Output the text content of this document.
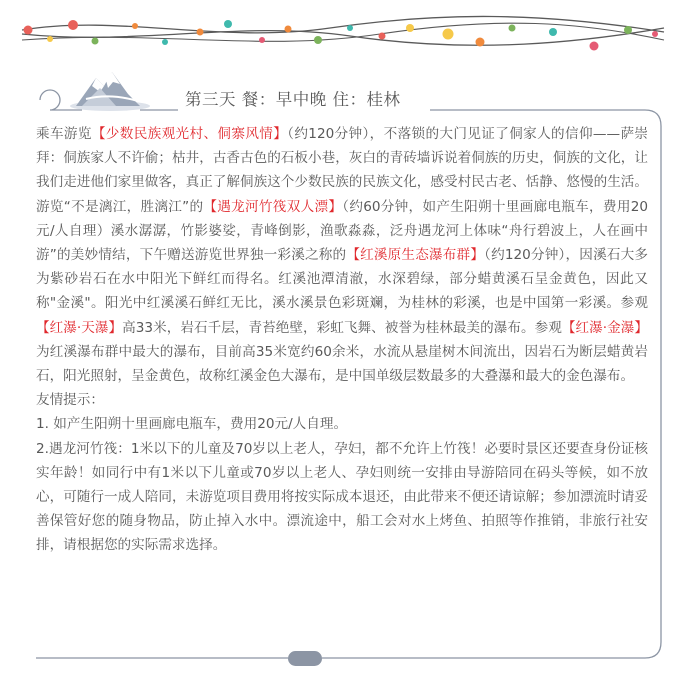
第三天 餐：早中晚 住：桂林

乘车游览【少数民族观光村、侗寨风情】（约120分钟），不落锁的大门见证了侗家人的信仰——萨崇拜：侗族家人不许偷；枯井，古香古色的石板小巷，灰白的青砖墙诉说着侗族的历史，侗族的文化，让我们走进他们家里做客，真正了解侗族这个少数民族的民族文化，感受村民古老、恬静、悠慢的生活。游览“不是漓江，胜漓江”的【遇龙河竹筏双人漂】（约60分钟，如产生阳朔十里画廊电瓶车，费用20元/人自理）溪水潺潺，竹影婆娑，青峰倒影，渔歌淼淼，泛舟遇龙河上体味“舟行碧波上，人在画中游”的美妙情结，下午赠送游览世界独一彩溪之称的【红溪原生态瀑布群】（约120分钟），因溪石大多为紫砂岩石在水中阳光下鲜红而得名。红溪池潭清澈，水深碧绿，部分蜡黄溪石呈金黄色，因此又称"金溪"。阳光中红溪溪石鲜红无比，溪水溪景色彩斑斓，为桂林的彩溪，也是中国第一彩溪。参观【红瀑·天瀑】高33米，岩石千层，青苔绝壁，彩虹飞舞、被誉为桂林最美的瀑布。参观【红瀑·金瀑】为红溪瀑布群中最大的瀑布，目前高35米宽约60余米，水流从悬崖树木间流出，因岩石为断层蜡黄岩石，阳光照射，呈金黄色，故称红溪金色大瀑布，是中国单级层数最多的大叠瀑和最大的金色瀑布。

友情提示：

1. 如产生阳朔十里画廊电瓶车，费用20元/人自理。

2.遇龙河竹筏：1米以下的儿童及70岁以上老人，孕妇，都不允许上竹筏！必要时景区还要查身份证核实年龄！如同行中有1米以下儿童或70岁以上老人、孕妇则统一安排由导游陪同在码头等候，如不放心，可随行一成人陪同，未游览项目费用将按实际成本退还，由此带来不便还请谅解；参加漂流时请妥善保管好您的随身物品，防止掉入水中。漂流途中，船工会对水上烤鱼、拍照等作推销，非旅行社安排，请根据您的实际需求选择。
